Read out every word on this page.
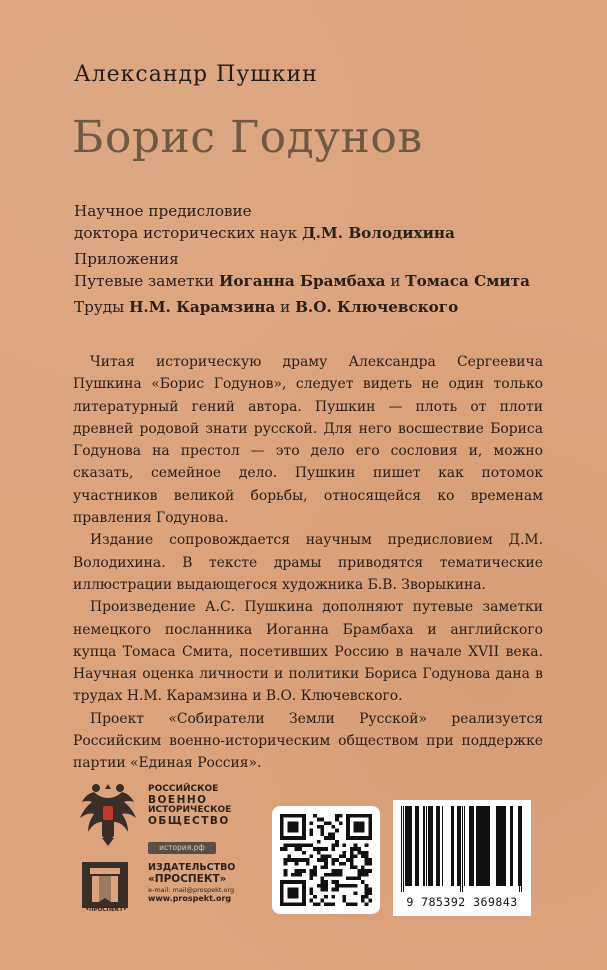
Александр Пушкин
Борис Годунов
Научное предисловие
доктора исторических наук Д.М. Володихина
Приложения
Путевые заметки Иоганна Брамбаха и Томаса Смита
Труды Н.М. Карамзина и В.О. Ключевского

Читая историческую драму Александра Сергеевича Пушкина «Борис Годунов», следует видеть не один только литературный гений автора. Пушкин — плоть от плоти древней родовой знати русской. Для него восшествие Бориса Годунова на престол — это дело его сословия и, можно сказать, семейное дело. Пушкин пишет как потомок участников великой борьбы, относящейся ко временам правления Годунова.

Издание сопровождается научным предисловием Д.М. Володихина. В тексте драмы приводятся тематические иллюстрации выдающегося художника Б.В. Зворыкина.

Произведение А.С. Пушкина дополняют путевые заметки немецкого посланника Иоганна Брамбаха и английского купца Томаса Смита, посетивших Россию в начале XVII века. Научная оценка личности и политики Бориса Годунова дана в трудах Н.М. Карамзина и В.О. Ключевского.

Проект «Собиратели Земли Русской» реализуется Российским военно-историческим обществом при поддержке партии «Единая Россия».

РОССИЙСКОЕ
ВОЕННО
ИСТОРИЧЕСКОЕ
ОБЩЕСТВО
история.рф
•ПРОСПЕКТ•
ИЗДАТЕЛЬСТВО
«ПРОСПЕКТ»
e-mail: mail@prospekt.org
www.prospekt.org	9 785392 369843
